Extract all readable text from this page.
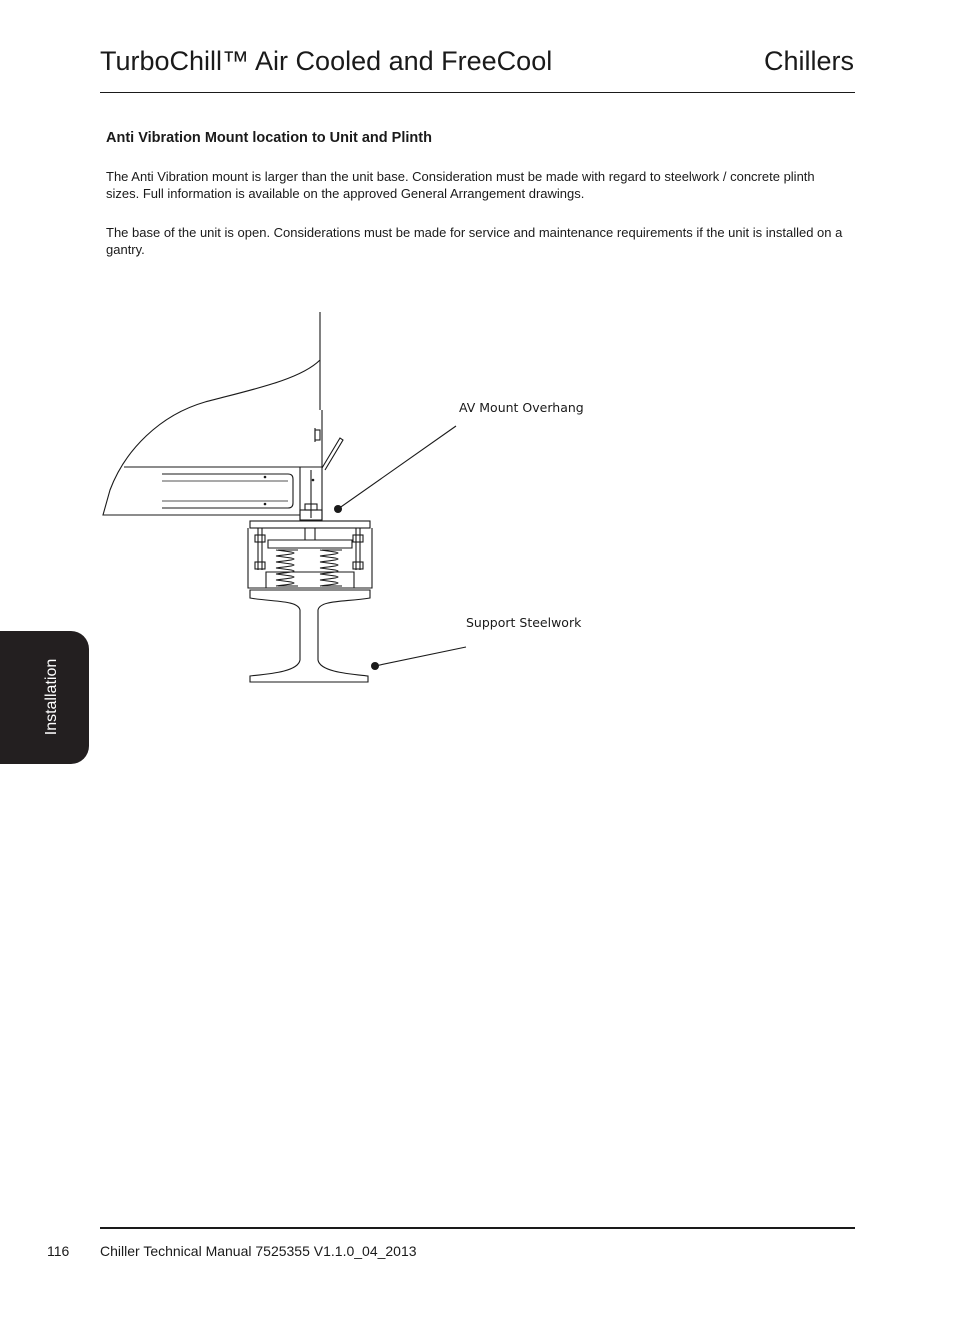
TurboChill™ Air Cooled and FreeCool	Chillers
Anti Vibration Mount location to Unit and Plinth
The Anti Vibration mount is larger than the unit base. Consideration must be made with regard to steelwork / concrete plinth sizes. Full information is available on the approved General Arrangement drawings.
The base of the unit is open. Considerations must be made for service and maintenance requirements if the unit is installed on a gantry.
AV Mount Overhang
Support Steelwork
Installation
116 Chiller Technical Manual 7525355 V1.1.0_04_2013
